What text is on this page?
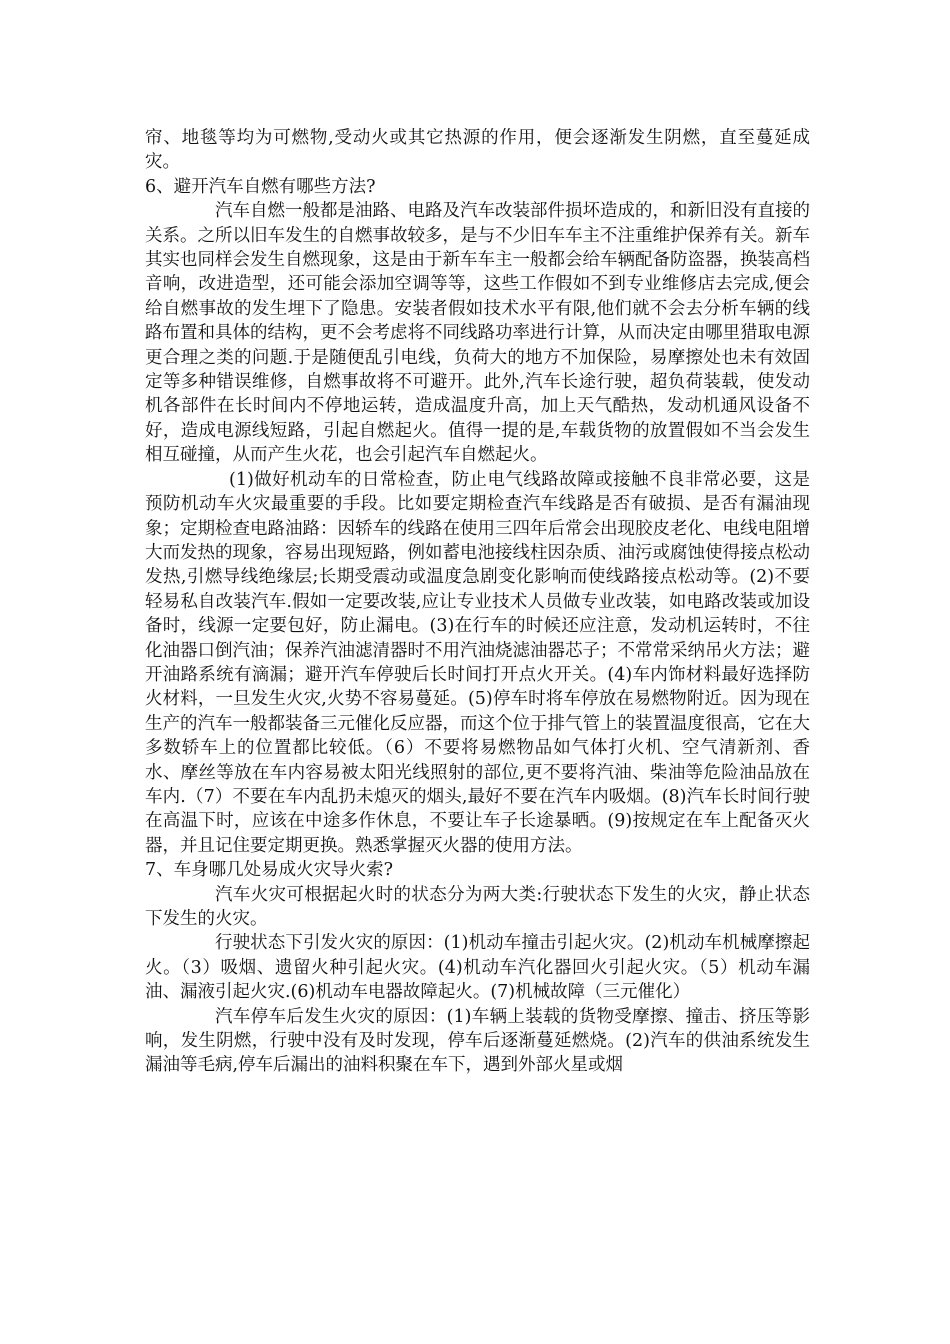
帘、地毯等均为可燃物,受动火或其它热源的作用，便会逐渐发生阴燃，直至蔓延成灾。

6、避开汽车自燃有哪些方法?

汽车自燃一般都是油路、电路及汽车改装部件损坏造成的，和新旧没有直接的关系。之所以旧车发生的自燃事故较多，是与不少旧车车主不注重维护保养有关。新车其实也同样会发生自燃现象，这是由于新车车主一般都会给车辆配备防盗器，换装高档音响，改进造型，还可能会添加空调等等，这些工作假如不到专业维修店去完成,便会给自燃事故的发生埋下了隐患。安装者假如技术水平有限,他们就不会去分析车辆的线路布置和具体的结构，更不会考虑将不同线路功率进行计算，从而决定由哪里猎取电源更合理之类的问题.于是随便乱引电线，负荷大的地方不加保险，易摩擦处也未有效固定等多种错误维修，自燃事故将不可避开。此外,汽车长途行驶，超负荷装载，使发动机各部件在长时间内不停地运转，造成温度升高，加上天气酷热，发动机通风设备不好，造成电源线短路，引起自燃起火。值得一提的是,车载货物的放置假如不当会发生相互碰撞，从而产生火花，也会引起汽车自燃起火。

(1)做好机动车的日常检查，防止电气线路故障或接触不良非常必要，这是预防机动车火灾最重要的手段。比如要定期检查汽车线路是否有破损、是否有漏油现象；定期检查电路油路：因轿车的线路在使用三四年后常会出现胶皮老化、电线电阻增大而发热的现象，容易出现短路，例如蓄电池接线柱因杂质、油污或腐蚀使得接点松动发热,引燃导线绝缘层;长期受震动或温度急剧变化影响而使线路接点松动等。(2)不要轻易私自改装汽车.假如一定要改装,应让专业技术人员做专业改装，如电路改装或加设备时，线源一定要包好，防止漏电。(3)在行车的时候还应注意，发动机运转时，不往化油器口倒汽油；保养汽油滤清器时不用汽油烧滤油器芯子；不常常采纳吊火方法；避开油路系统有滴漏；避开汽车停驶后长时间打开点火开关。(4)车内饰材料最好选择防火材料，一旦发生火灾,火势不容易蔓延。(5)停车时将车停放在易燃物附近。因为现在生产的汽车一般都装备三元催化反应器，而这个位于排气管上的装置温度很高，它在大多数轿车上的位置都比较低。（6）不要将易燃物品如气体打火机、空气清新剂、香水、摩丝等放在车内容易被太阳光线照射的部位,更不要将汽油、柴油等危险油品放在车内.（7）不要在车内乱扔未熄灭的烟头,最好不要在汽车内吸烟。(8)汽车长时间行驶在高温下时，应该在中途多作休息，不要让车子长途暴晒。(9)按规定在车上配备灭火器，并且记住要定期更换。熟悉掌握灭火器的使用方法。

7、车身哪几处易成火灾导火索?

汽车火灾可根据起火时的状态分为两大类:行驶状态下发生的火灾，静止状态下发生的火灾。

行驶状态下引发火灾的原因：(1)机动车撞击引起火灾。(2)机动车机械摩擦起火。（3）吸烟、遗留火种引起火灾。(4)机动车汽化器回火引起火灾。（5）机动车漏油、漏液引起火灾.(6)机动车电器故障起火。(7)机械故障（三元催化）

汽车停车后发生火灾的原因：(1)车辆上装载的货物受摩擦、撞击、挤压等影响，发生阴燃，行驶中没有及时发现，停车后逐渐蔓延燃烧。(2)汽车的供油系统发生漏油等毛病,停车后漏出的油料积聚在车下，遇到外部火星或烟
